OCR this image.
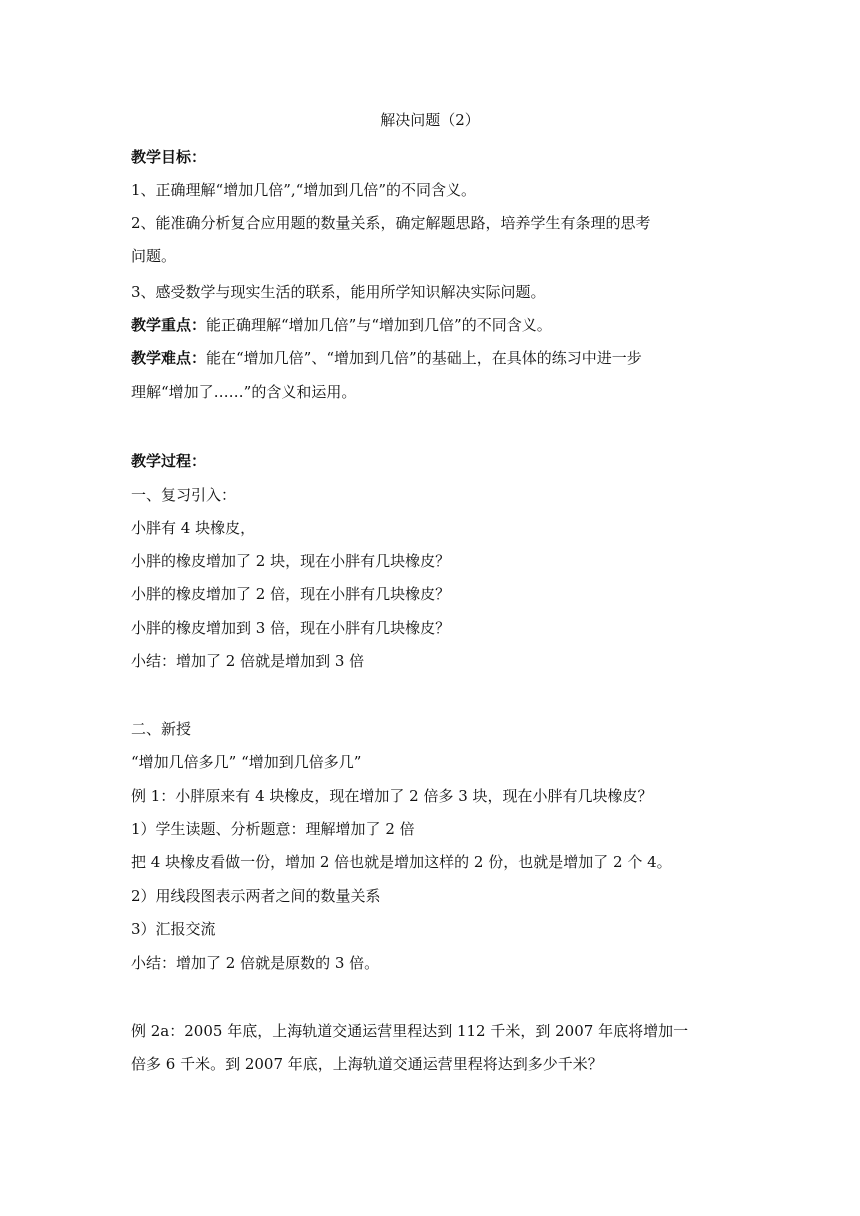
解决问题（2）
教学目标：
1、正确理解“增加几倍”,“增加到几倍”的不同含义。
2、能准确分析复合应用题的数量关系，确定解题思路，培养学生有条理的思考
问题。
3、感受数学与现实生活的联系，能用所学知识解决实际问题。
教学重点：能正确理解“增加几倍”与“增加到几倍”的不同含义。
教学难点：能在“增加几倍”、“增加到几倍”的基础上，在具体的练习中进一步
理解“增加了……”的含义和运用。
教学过程：
一、复习引入：
小胖有 4 块橡皮，
小胖的橡皮增加了 2 块，现在小胖有几块橡皮？
小胖的橡皮增加了 2 倍，现在小胖有几块橡皮？
小胖的橡皮增加到 3 倍，现在小胖有几块橡皮？
小结：增加了 2 倍就是增加到 3 倍
二、新授
“增加几倍多几” “增加到几倍多几”
例 1：小胖原来有 4 块橡皮，现在增加了 2 倍多 3 块，现在小胖有几块橡皮？
1）学生读题、分析题意：理解增加了 2 倍
把 4 块橡皮看做一份，增加 2 倍也就是增加这样的 2 份，也就是增加了 2 个 4。
2）用线段图表示两者之间的数量关系
3）汇报交流
小结：增加了 2 倍就是原数的 3 倍。
例 2a：2005 年底，上海轨道交通运营里程达到 112 千米，到 2007 年底将增加一
倍多 6 千米。到 2007 年底，上海轨道交通运营里程将达到多少千米？
